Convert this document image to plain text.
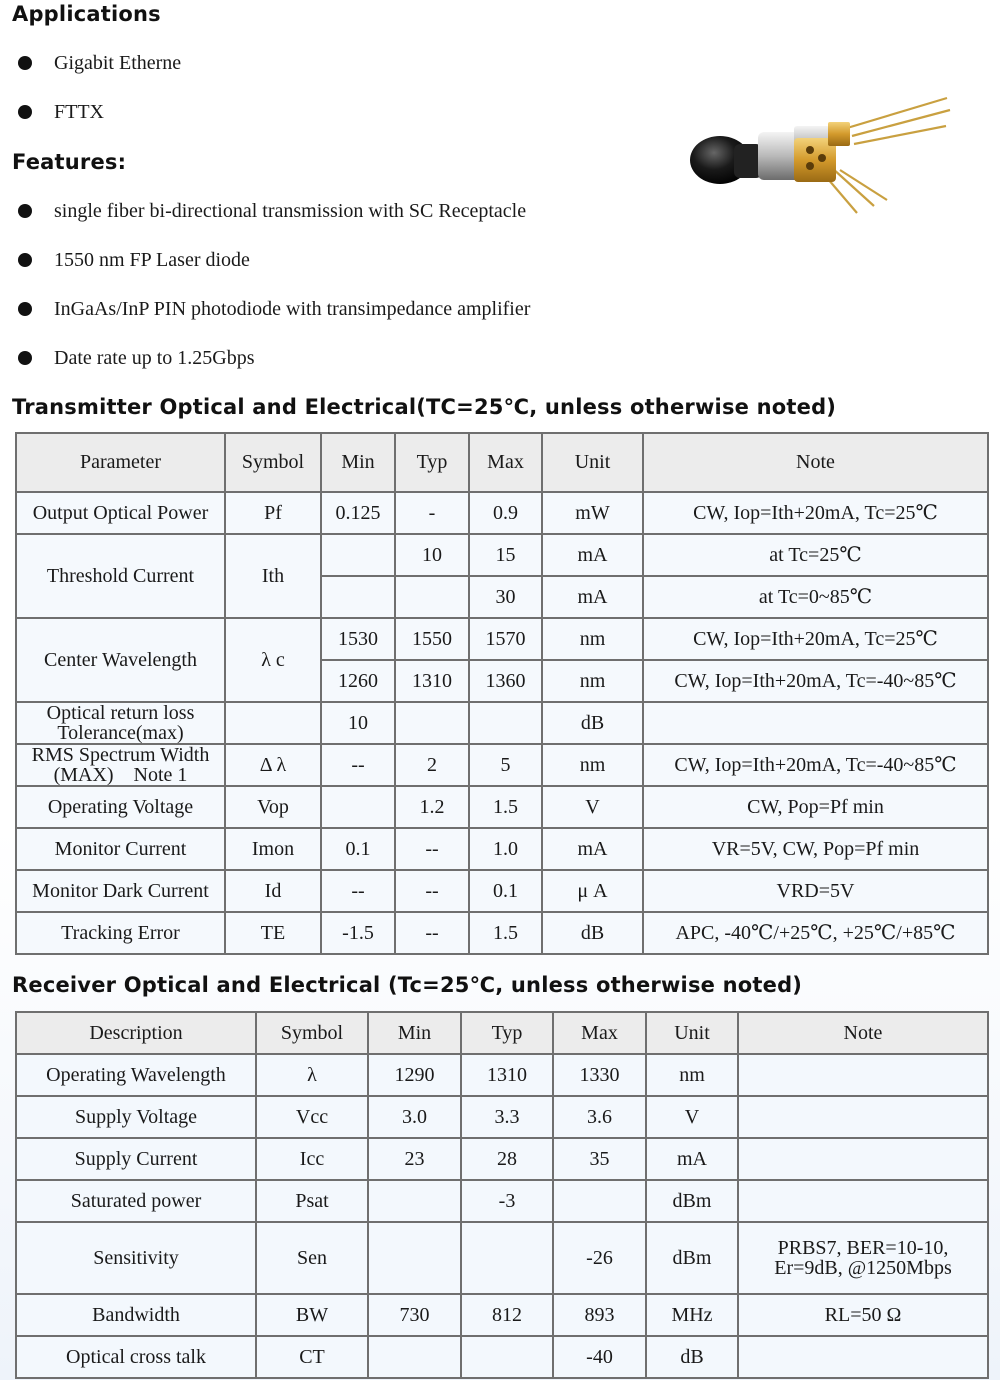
Applications
Gigabit Etherne
FTTX
Features:
single fiber bi-directional transmission with SC Receptacle
1550 nm FP Laser diode
InGaAs/InP PIN photodiode with transimpedance amplifier
Date rate up to 1.25Gbps
Transmitter Optical and Electrical(TC=25℃, unless otherwise noted)
Parameter	Symbol	Min	Typ	Max	Unit	Note
Output Optical Power	Pf	0.125	-	0.9	mW	CW, Iop=Ith+20mA, Tc=25℃
Threshold Current	Ith		10	15	mA	at Tc=25℃
				30	mA	at Tc=0~85℃
Center Wavelength	λ c	1530	1550	1570	nm	CW, Iop=Ith+20mA, Tc=25℃
		1260	1310	1360	nm	CW, Iop=Ith+20mA, Tc=-40~85℃
Optical return loss Tolerance(max)		10			dB	
RMS Spectrum Width (MAX)　Note 1	Δ λ	--	2	5	nm	CW, Iop=Ith+20mA, Tc=-40~85℃
Operating Voltage	Vop		1.2	1.5	V	CW, Pop=Pf min
Monitor Current	Imon	0.1	--	1.0	mA	VR=5V, CW, Pop=Pf min
Monitor Dark Current	Id	--	--	0.1	μ A	VRD=5V
Tracking Error	TE	-1.5	--	1.5	dB	APC, -40℃/+25℃, +25℃/+85℃
Receiver Optical and Electrical (Tc=25℃, unless otherwise noted)
Description	Symbol	Min	Typ	Max	Unit	Note
Operating Wavelength	λ	1290	1310	1330	nm	
Supply Voltage	Vcc	3.0	3.3	3.6	V	
Supply Current	Icc	23	28	35	mA	
Saturated power	Psat		-3		dBm	
Sensitivity	Sen			-26	dBm	PRBS7, BER=10-10, Er=9dB, @1250Mbps
Bandwidth	BW	730	812	893	MHz	RL=50 Ω
Optical cross talk	CT			-40	dB	
